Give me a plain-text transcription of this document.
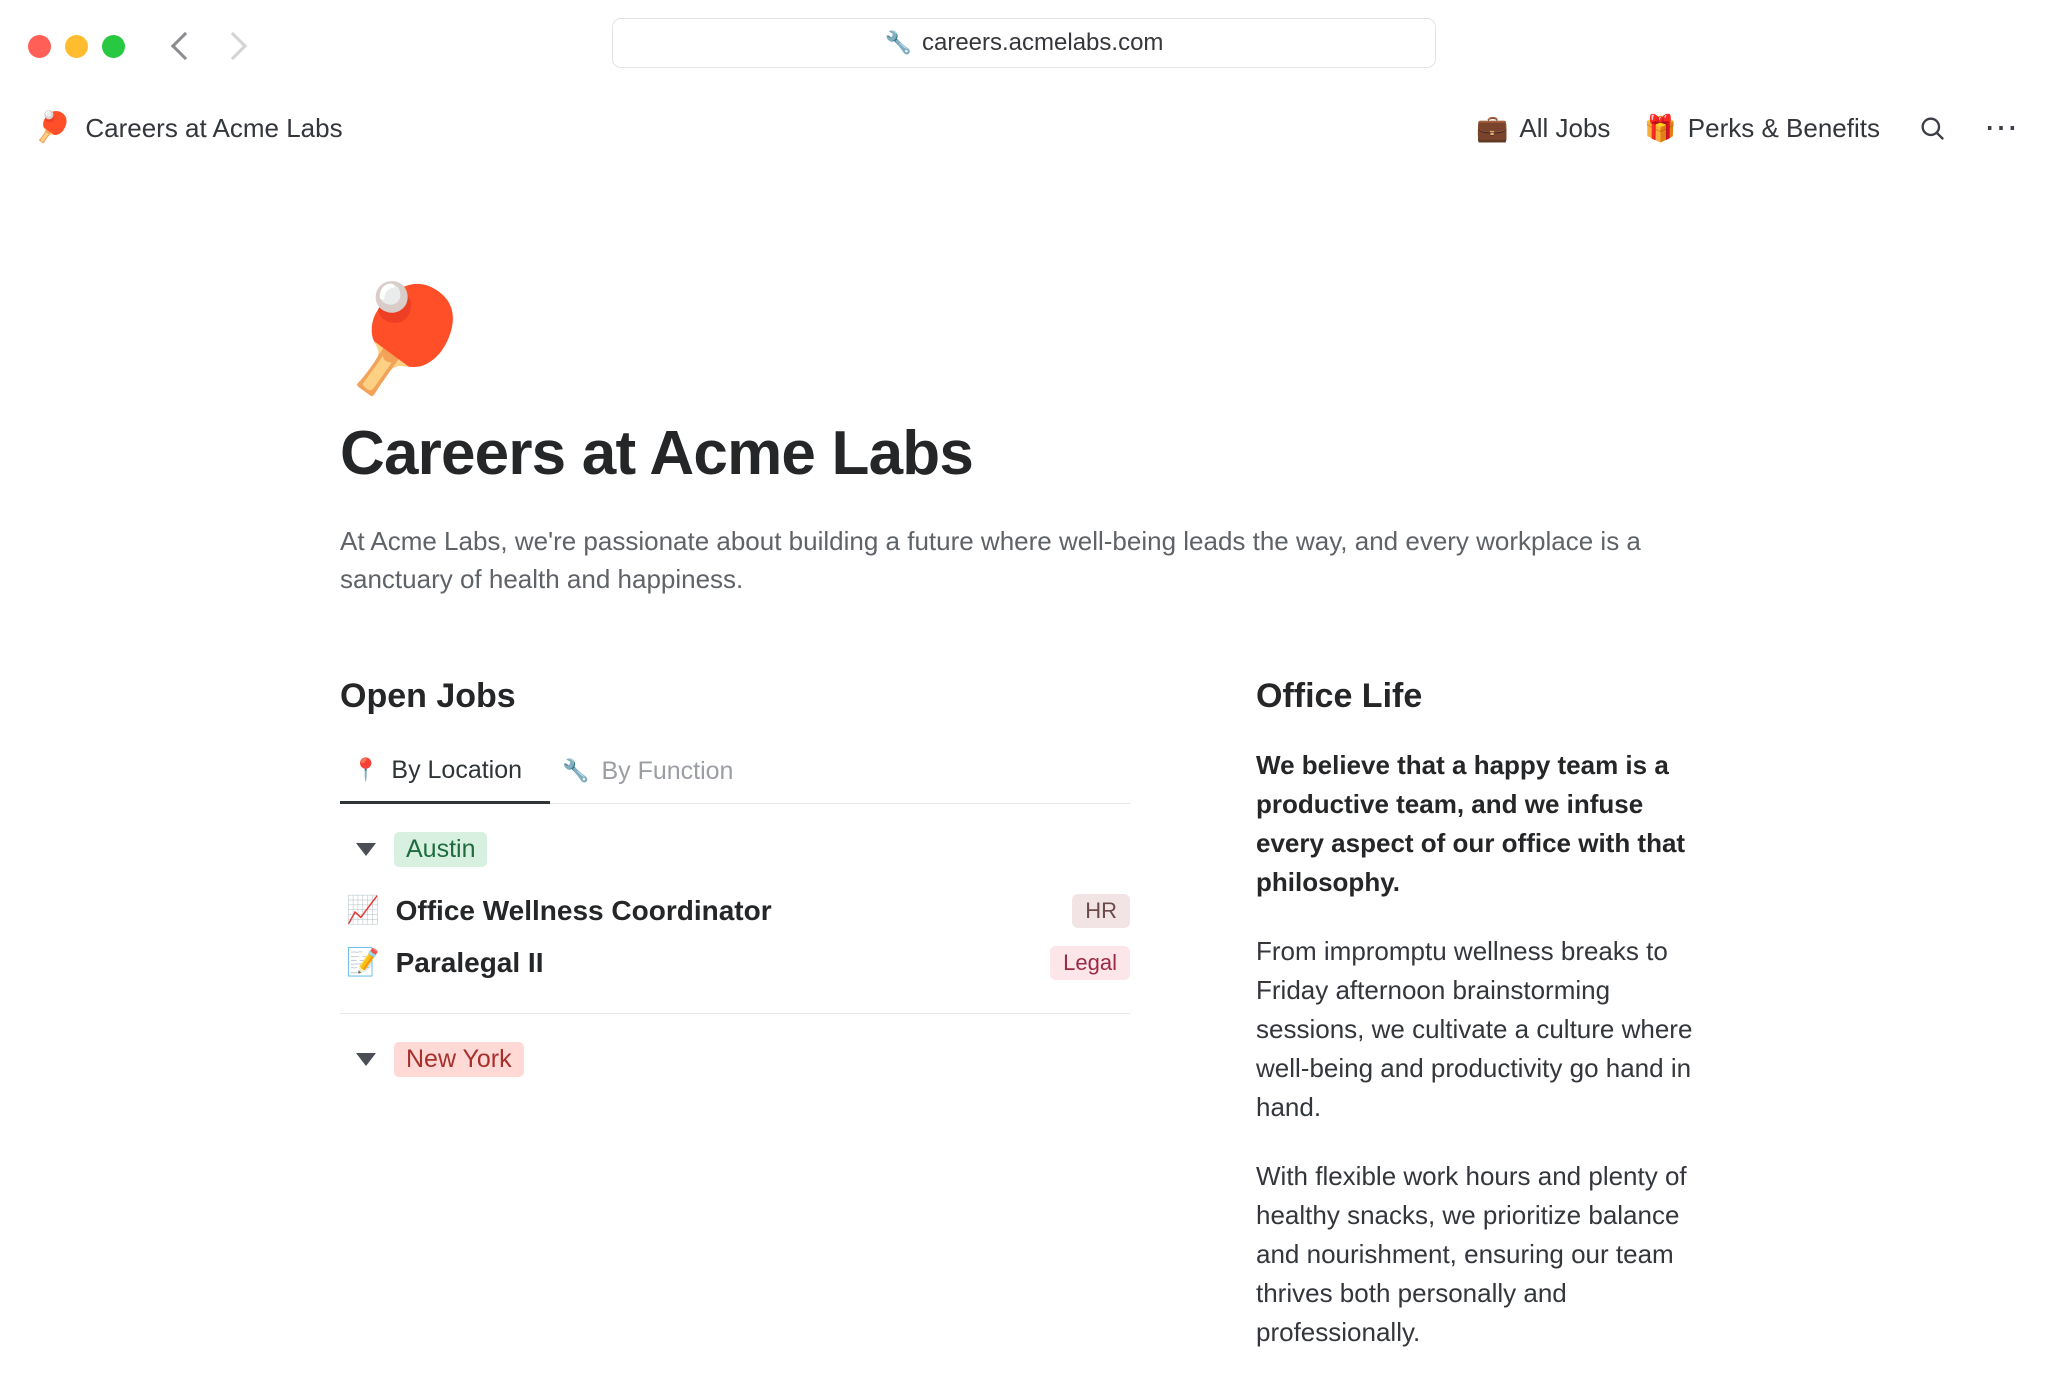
🔧 careers.acmelabs.com
🏓 Careers at Acme Labs	💼 All Jobs 🎁 Perks & Benefits	⋯
🏓
Careers at Acme Labs

At Acme Labs, we're passionate about building a future where well-being leads the way, and every workplace is a sanctuary of health and happiness.

Open Jobs
📍 By Location 🔧 By Function
Austin
📈 Office Wellness Coordinator	HR
📝 Paralegal II	Legal
New York
Office Life

We believe that a happy team is a productive team, and we infuse every aspect of our office with that philosophy.

From impromptu wellness breaks to Friday afternoon brainstorming sessions, we cultivate a culture where well-being and productivity go hand in hand.

With flexible work hours and plenty of healthy snacks, we prioritize balance and nourishment, ensuring our team thrives both personally and professionally.
